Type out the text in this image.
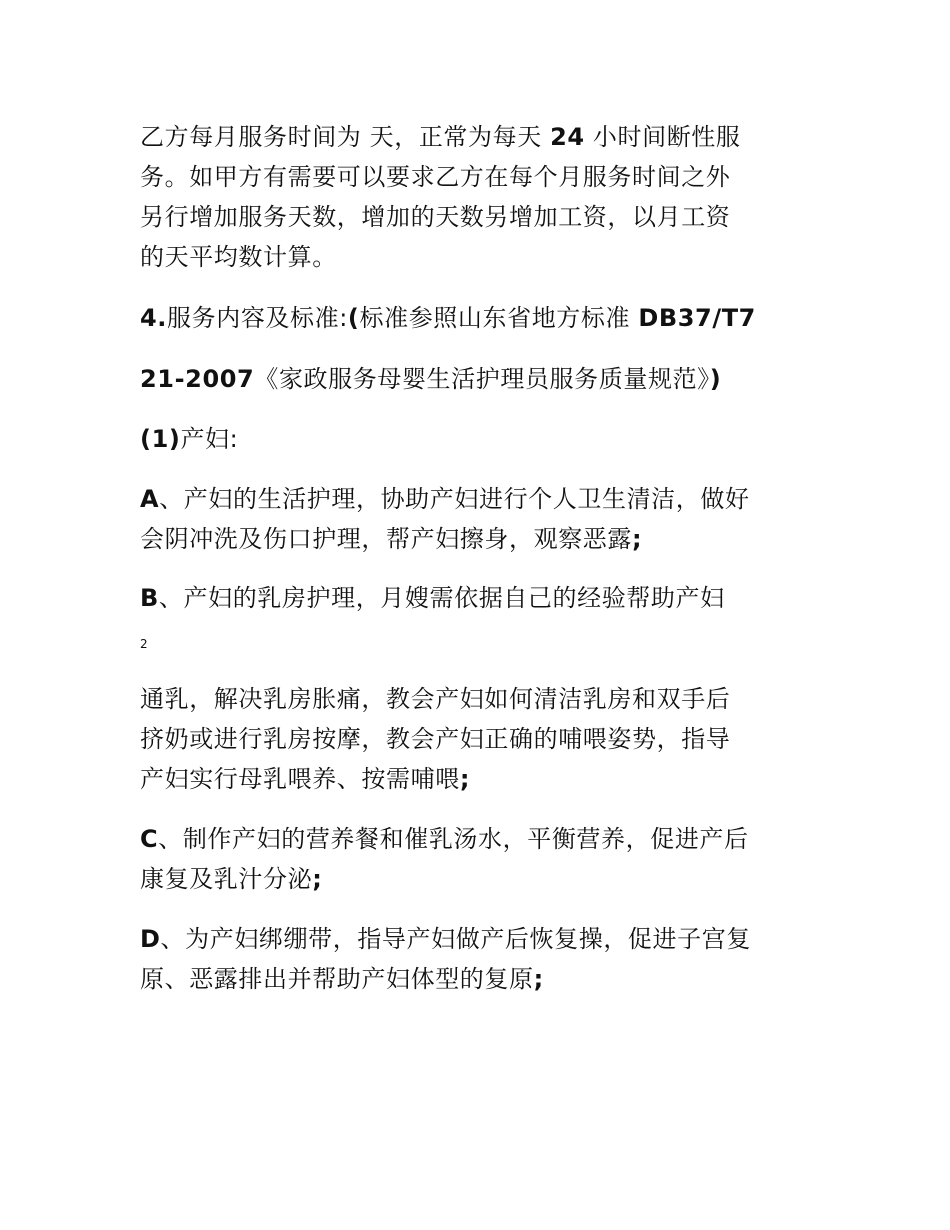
乙方每月服务时间为 天，正常为每天 24 小时间断性服
务。如甲方有需要可以要求乙方在每个月服务时间之外
另行增加服务天数，增加的天数另增加工资，以月工资
的天平均数计算。
4.服务内容及标准:(标准参照山东省地方标准 DB37/T7
21-2007《家政服务母婴生活护理员服务质量规范》)
(1)产妇:
A、产妇的生活护理，协助产妇进行个人卫生清洁，做好
会阴冲洗及伤口护理，帮产妇擦身，观察恶露;
B、产妇的乳房护理，月嫂需依据自己的经验帮助产妇
2
通乳，解决乳房胀痛，教会产妇如何清洁乳房和双手后
挤奶或进行乳房按摩，教会产妇正确的哺喂姿势，指导
产妇实行母乳喂养、按需哺喂;
C、制作产妇的营养餐和催乳汤水，平衡营养，促进产后
康复及乳汁分泌;
D、为产妇绑绷带，指导产妇做产后恢复操，促进子宫复
原、恶露排出并帮助产妇体型的复原;
